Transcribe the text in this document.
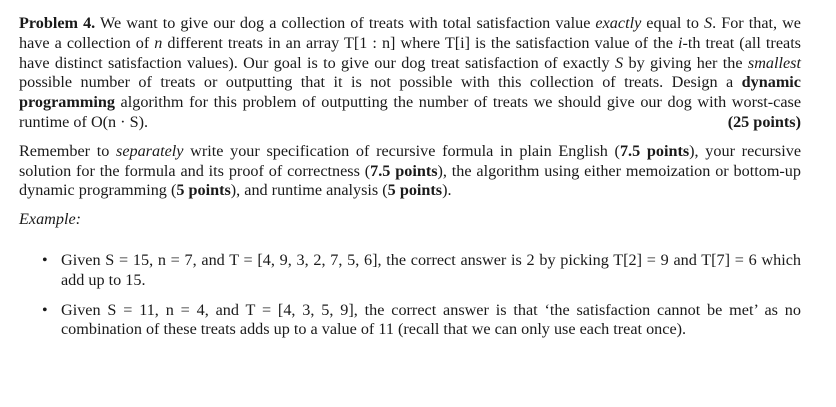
Problem 4. We want to give our dog a collection of treats with total satisfaction value exactly equal to S. For that, we have a collection of n different treats in an array T[1 : n] where T[i] is the satisfaction value of the i-th treat (all treats have distinct satisfaction values). Our goal is to give our dog treat satisfaction of exactly S by giving her the smallest possible number of treats or outputting that it is not possible with this collection of treats. Design a dynamic programming algorithm for this problem of outputting the number of treats we should give our dog with worst-case runtime of O(n · S).	(25 points)

Remember to separately write your specification of recursive formula in plain English (7.5 points), your recursive solution for the formula and its proof of correctness (7.5 points), the algorithm using either memoization or bottom-up dynamic programming (5 points), and runtime analysis (5 points).

Example:

• Given S = 15, n = 7, and T = [4, 9, 3, 2, 7, 5, 6], the correct answer is 2 by picking T[2] = 9 and T[7] = 6 which add up to 15.
• Given S = 11, n = 4, and T = [4, 3, 5, 9], the correct answer is that ‘the satisfaction cannot be met’ as no combination of these treats adds up to a value of 11 (recall that we can only use each treat once).
